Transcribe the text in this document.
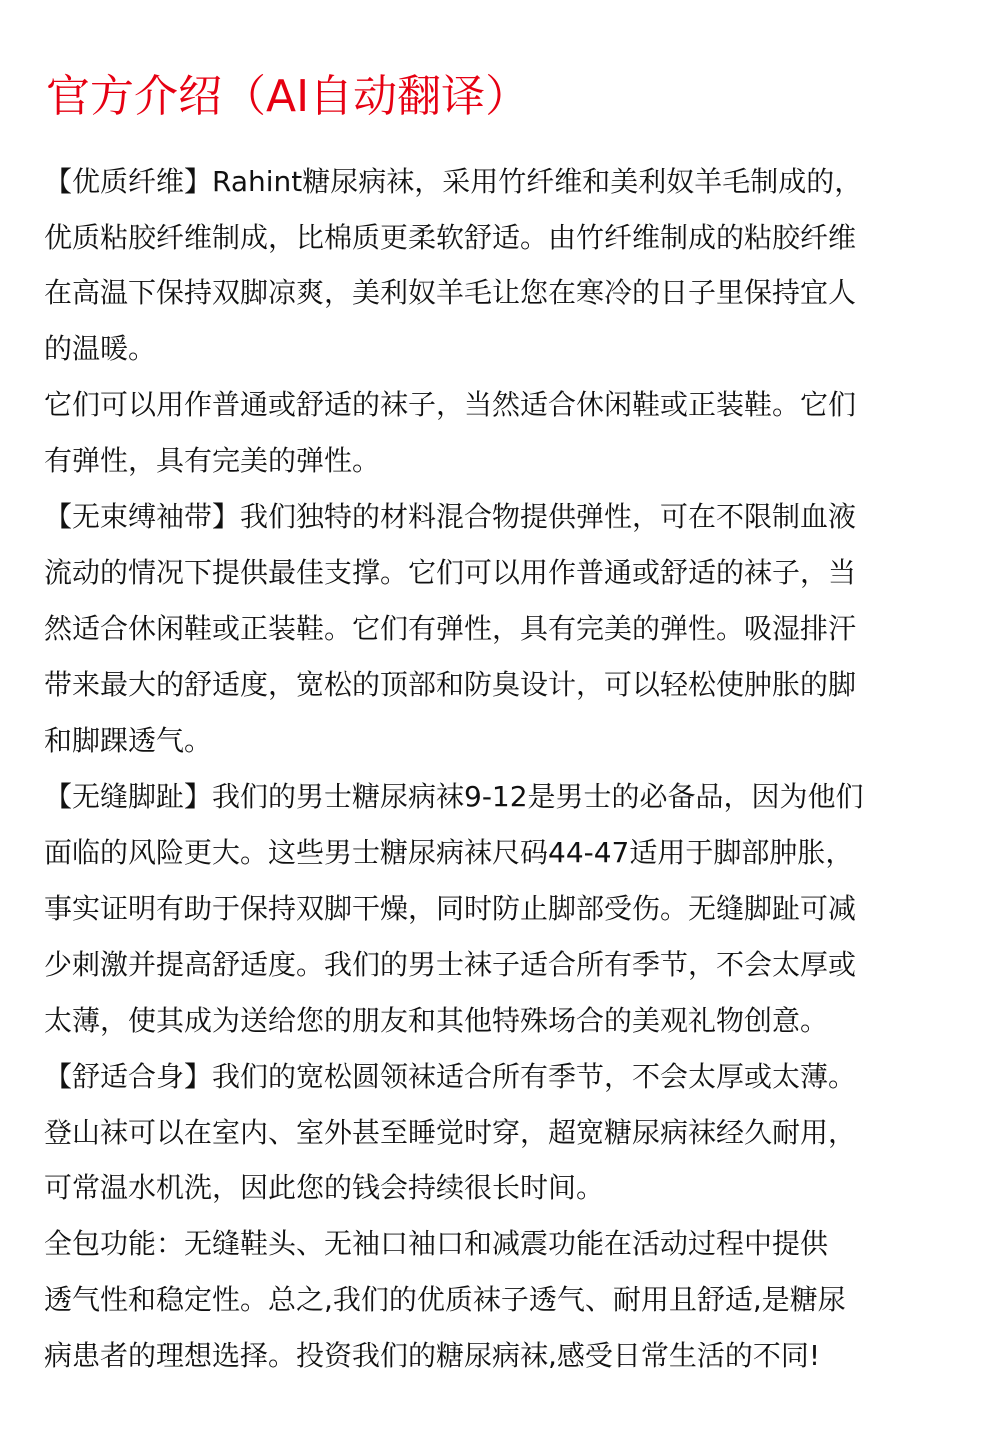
官方介绍（AI自动翻译）

【优质纤维】Rahint糖尿病袜，采用竹纤维和美利奴羊毛制成的，

优质粘胶纤维制成，比棉质更柔软舒适。由竹纤维制成的粘胶纤维

在高温下保持双脚凉爽，美利奴羊毛让您在寒冷的日子里保持宜人

的温暖。

它们可以用作普通或舒适的袜子，当然适合休闲鞋或正装鞋。它们

有弹性，具有完美的弹性。

【无束缚袖带】我们独特的材料混合物提供弹性，可在不限制血液

流动的情况下提供最佳支撑。它们可以用作普通或舒适的袜子，当

然适合休闲鞋或正装鞋。它们有弹性，具有完美的弹性。吸湿排汗

带来最大的舒适度，宽松的顶部和防臭设计，可以轻松使肿胀的脚

和脚踝透气。

【无缝脚趾】我们的男士糖尿病袜9-12是男士的必备品，因为他们

面临的风险更大。这些男士糖尿病袜尺码44-47适用于脚部肿胀，

事实证明有助于保持双脚干燥，同时防止脚部受伤。无缝脚趾可减

少刺激并提高舒适度。我们的男士袜子适合所有季节，不会太厚或

太薄，使其成为送给您的朋友和其他特殊场合的美观礼物创意。

【舒适合身】我们的宽松圆领袜适合所有季节，不会太厚或太薄。

登山袜可以在室内、室外甚至睡觉时穿，超宽糖尿病袜经久耐用，

可常温水机洗，因此您的钱会持续很长时间。

全包功能：无缝鞋头、无袖口袖口和减震功能在活动过程中提供

透气性和稳定性。总之,我们的优质袜子透气、耐用且舒适,是糖尿

病患者的理想选择。投资我们的糖尿病袜,感受日常生活的不同!
